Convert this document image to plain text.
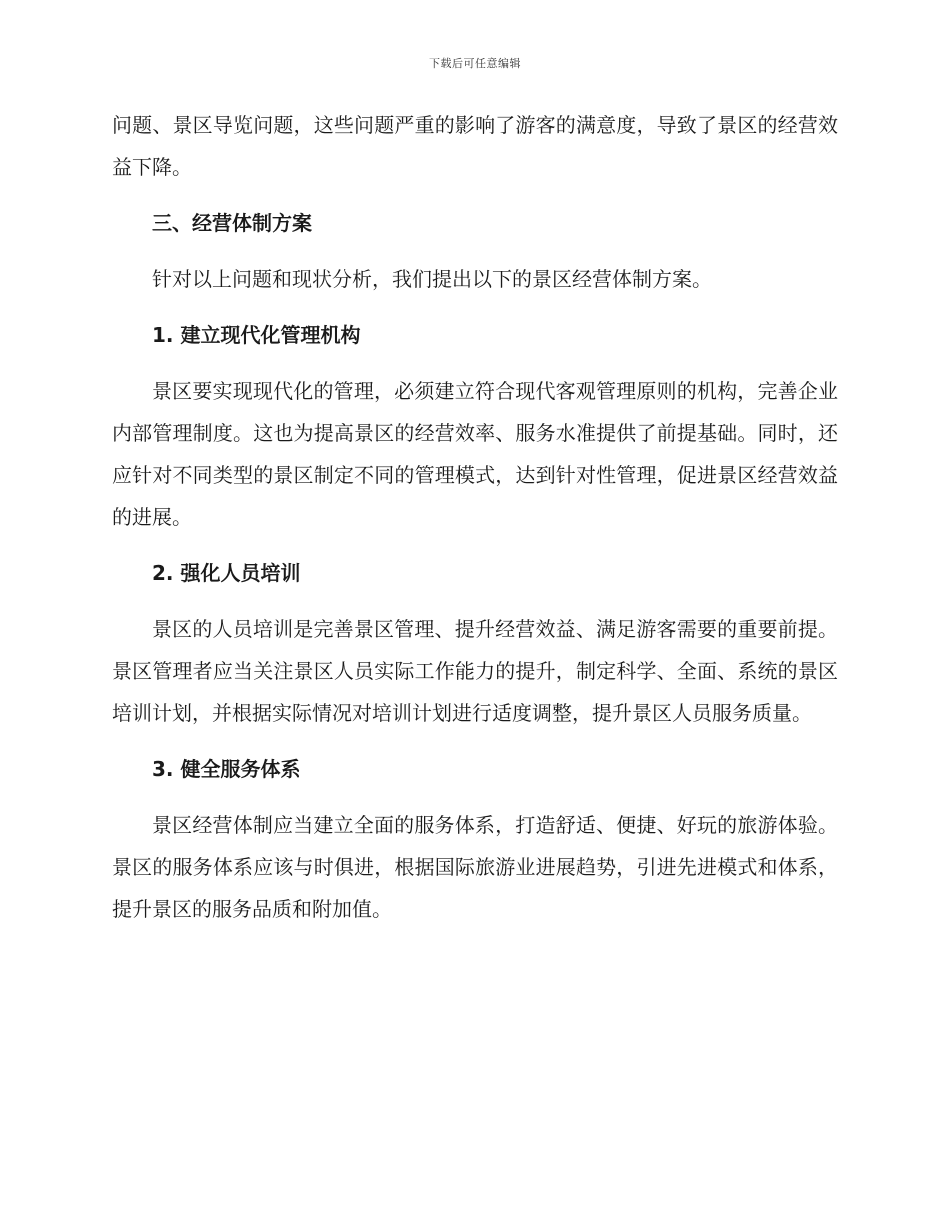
下载后可任意编辑

问题、景区导览问题，这些问题严重的影响了游客的满意度，导致了景区的经营效益下降。

三、经营体制方案

针对以上问题和现状分析，我们提出以下的景区经营体制方案。

1. 建立现代化管理机构

景区要实现现代化的管理，必须建立符合现代客观管理原则的机构，完善企业内部管理制度。这也为提高景区的经营效率、服务水准提供了前提基础。同时，还应针对不同类型的景区制定不同的管理模式，达到针对性管理，促进景区经营效益的进展。

2. 强化人员培训

景区的人员培训是完善景区管理、提升经营效益、满足游客需要的重要前提。景区管理者应当关注景区人员实际工作能力的提升，制定科学、全面、系统的景区培训计划，并根据实际情况对培训计划进行适度调整，提升景区人员服务质量。

3. 健全服务体系

景区经营体制应当建立全面的服务体系，打造舒适、便捷、好玩的旅游体验。景区的服务体系应该与时俱进，根据国际旅游业进展趋势，引进先进模式和体系，提升景区的服务品质和附加值。
